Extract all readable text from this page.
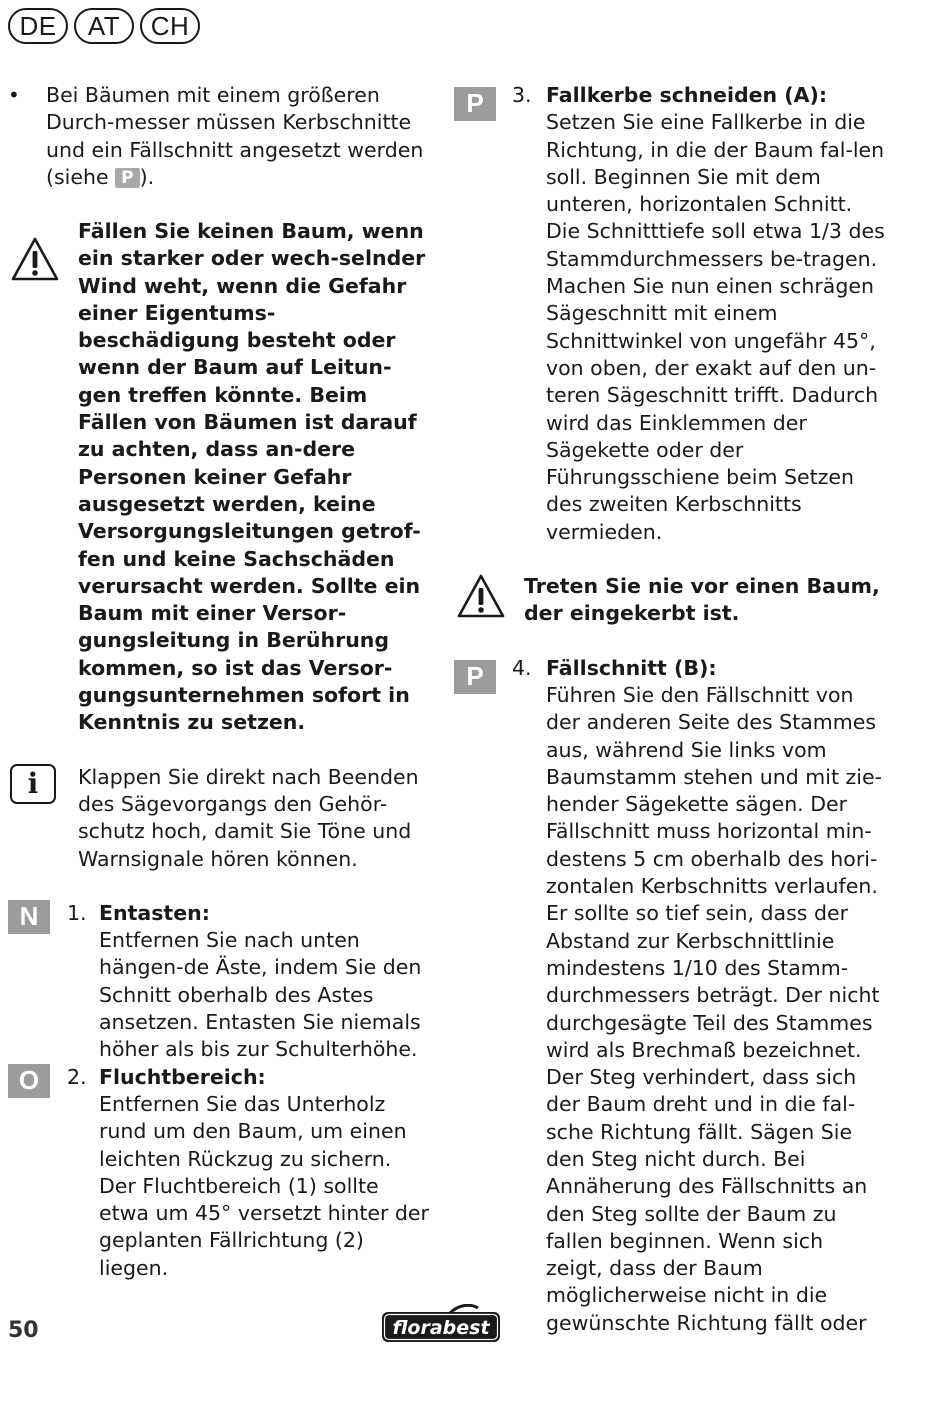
DE	AT	CH
• Bei Bäumen mit einem größeren Durch-messer müssen Kerbschnitte und ein Fällschnitt angesetzt werden (siehe P ).
Fällen Sie keinen Baum, wenn ein starker oder wech-selnder Wind weht, wenn die Gefahr einer Eigentums-beschädigung besteht oder wenn der Baum auf Leitun-gen treffen könnte. Beim Fällen von Bäumen ist darauf zu achten, dass an-dere Personen keiner Gefahr ausgesetzt werden, keine Versorgungsleitungen getrof-fen und keine Sachschäden verursacht werden. Sollte ein Baum mit einer Versor-gungsleitung in Berührung kommen, so ist das Versor-gungsunternehmen sofort in Kenntnis zu setzen.
i	Klappen Sie direkt nach Beenden des Sägevorgangs den Gehör-schutz hoch, damit Sie Töne und Warnsignale hören können.
N	1. Entasten:
Entfernen Sie nach unten hängen-de Äste, indem Sie den Schnitt oberhalb des Astes ansetzen. Entasten Sie niemals höher als bis zur Schulterhöhe.
O	2. Fluchtbereich:
Entfernen Sie das Unterholz rund um den Baum, um einen leichten Rückzug zu sichern. Der Fluchtbereich (1) sollte etwa um 45° versetzt hinter der geplanten Fällrichtung (2) liegen.
P	3. Fallkerbe schneiden (A):
Setzen Sie eine Fallkerbe in die Richtung, in die der Baum fal-len soll. Beginnen Sie mit dem unteren, horizontalen Schnitt. Die Schnitttiefe soll etwa 1/3 des Stammdurchmessers be-tragen. Machen Sie nun einen schrägen Sägeschnitt mit einem Schnittwinkel von ungefähr 45°, von oben, der exakt auf den un-teren Sägeschnitt trifft. Dadurch wird das Einklemmen der Sägekette oder der Führungsschiene beim Setzen des zweiten Kerbschnitts vermieden.
Treten Sie nie vor einen Baum, der eingekerbt ist.
P	4. Fällschnitt (B):
Führen Sie den Fällschnitt von der anderen Seite des Stammes aus, während Sie links vom Baumstamm stehen und mit zie-hender Sägekette sägen. Der Fällschnitt muss horizontal min-destens 5 cm oberhalb des hori-zontalen Kerbschnitts verlaufen. Er sollte so tief sein, dass der Abstand zur Kerbschnittlinie mindestens 1/10 des Stamm-durchmessers beträgt. Der nicht durchgesägte Teil des Stammes wird als Brechmaß bezeichnet. Der Steg verhindert, dass sich der Baum dreht und in die fal-sche Richtung fällt. Sägen Sie den Steg nicht durch. Bei Annäherung des Fällschnitts an den Steg sollte der Baum zu fallen beginnen. Wenn sich zeigt, dass der Baum möglicherweise nicht in die gewünschte Richtung fällt oder
50	florabest
